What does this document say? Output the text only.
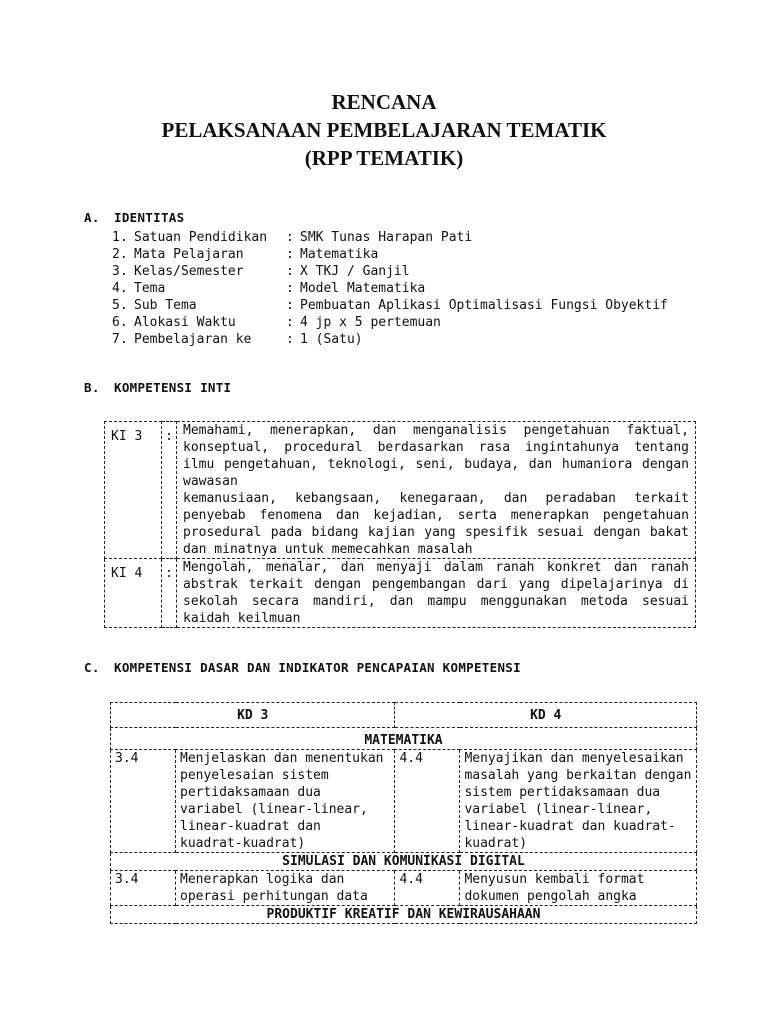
RENCANA
PELAKSANAAN PEMBELAJARAN TEMATIK
(RPP TEMATIK)
A. IDENTITAS
1. Satuan Pendidikan : SMK Tunas Harapan Pati
2. Mata Pelajaran	: Matematika
3. Kelas/Semester	: X TKJ / Ganjil
4. Tema	: Model Matematika
5. Sub Tema	: Pembuatan Aplikasi Optimalisasi Fungsi Obyektif
6. Alokasi Waktu	: 4 jp x 5 pertemuan
7. Pembelajaran ke	: 1 (Satu)
B. KOMPETENSI INTI
KI 3	:	Memahami, menerapkan, dan menganalisis pengetahuan faktual, konseptual, procedural berdasarkan rasa ingintahunya tentang ilmu pengetahuan, teknologi, seni, budaya, dan humaniora dengan wawasan
kemanusiaan, kebangsaan, kenegaraan, dan peradaban terkait penyebab fenomena dan kejadian, serta menerapkan pengetahuan prosedural pada bidang kajian yang spesifik sesuai dengan bakat dan minatnya untuk memecahkan masalah

KI 4	:	Mengolah, menalar, dan menyaji dalam ranah konkret dan ranah abstrak terkait dengan pengembangan dari yang dipelajarinya di sekolah secara mandiri, dan mampu menggunakan metoda sesuai kaidah keilmuan
C. KOMPETENSI DASAR DAN INDIKATOR PENCAPAIAN KOMPETENSI
KD 3		KD 4	
MATEMATIKA			
3.4	Menjelaskan dan menentukan penyelesaian sistem pertidaksamaan dua variabel (linear-linear, linear-kuadrat dan kuadrat-kuadrat)	4.4	Menyajikan dan menyelesaikan masalah yang berkaitan dengan sistem pertidaksamaan dua variabel (linear-linear, linear-kuadrat dan kuadrat-kuadrat)
SIMULASI DAN KOMUNIKASI DIGITAL			
3.4	Menerapkan logika dan operasi perhitungan data	4.4	Menyusun kembali format dokumen pengolah angka
PRODUKTIF KREATIF DAN KEWIRAUSAHAAN			
